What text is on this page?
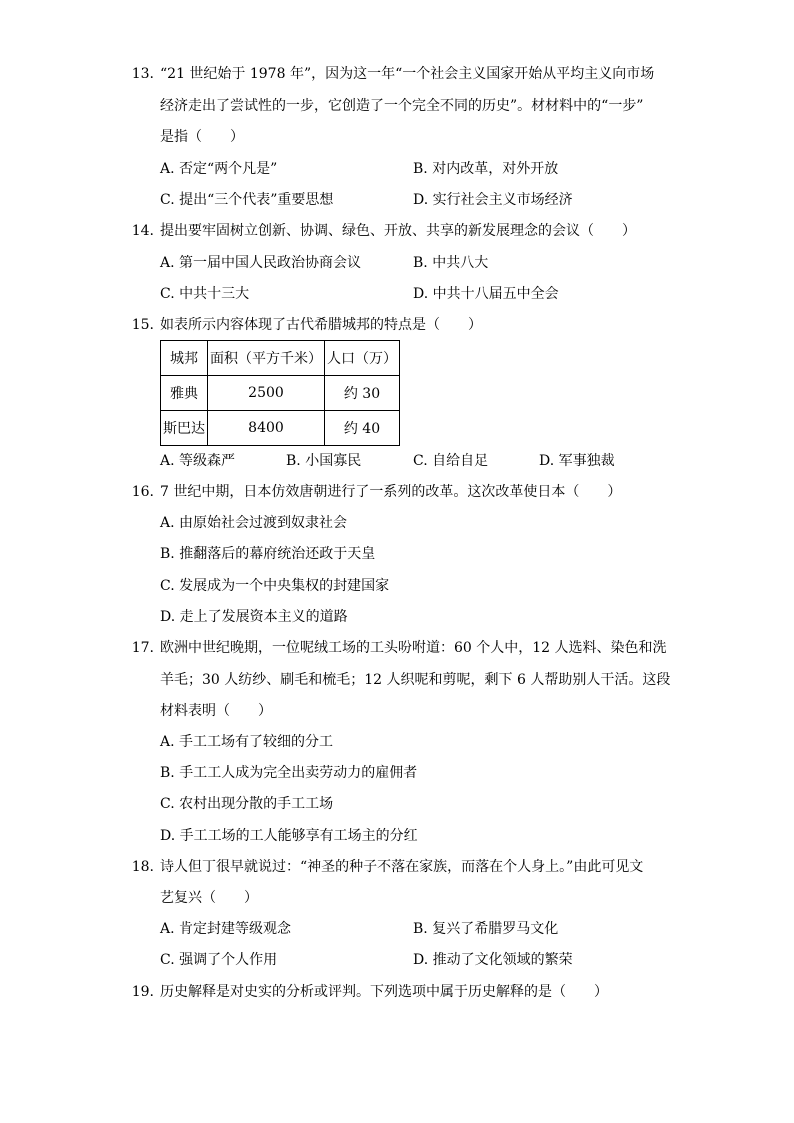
13. “21 世纪始于 1978 年”，因为这一年“一个社会主义国家开始从平均主义向市场
经济走出了尝试性的一步，它创造了一个完全不同的历史”。材材料中的“一步”
是指（　　）
A. 否定“两个凡是”	B. 对内改革，对外开放
C. 提出“三个代表”重要思想	D. 实行社会主义市场经济
14. 提出要牢固树立创新、协调、绿色、开放、共享的新发展理念的会议（　　）
A. 第一届中国人民政治协商会议	B. 中共八大
C. 中共十三大	D. 中共十八届五中全会
15. 如表所示内容体现了古代希腊城邦的特点是（　　）
城邦	面积（平方千米）	人口（万）
雅典	2500	约 30
斯巴达	8400	约 40
A. 等级森严	B. 小国寡民	C. 自给自足	D. 军事独裁
16. 7 世纪中期，日本仿效唐朝进行了一系列的改革。这次改革使日本（　　）
A. 由原始社会过渡到奴隶社会
B. 推翻落后的幕府统治还政于天皇
C. 发展成为一个中央集权的封建国家
D. 走上了发展资本主义的道路
17. 欧洲中世纪晚期，一位呢绒工场的工头吩咐道：60 个人中，12 人选料、染色和洗
羊毛；30 人纺纱、刷毛和梳毛；12 人织呢和剪呢，剩下 6 人帮助别人干活。这段
材料表明（　　）
A. 手工工场有了较细的分工
B. 手工工人成为完全出卖劳动力的雇佣者
C. 农村出现分散的手工工场
D. 手工工场的工人能够享有工场主的分红
18. 诗人但丁很早就说过：“神圣的种子不落在家族，而落在个人身上。”由此可见文
艺复兴（　　）
A. 肯定封建等级观念	B. 复兴了希腊罗马文化
C. 强调了个人作用	D. 推动了文化领域的繁荣
19. 历史解释是对史实的分析或评判。下列选项中属于历史解释的是（　　）
